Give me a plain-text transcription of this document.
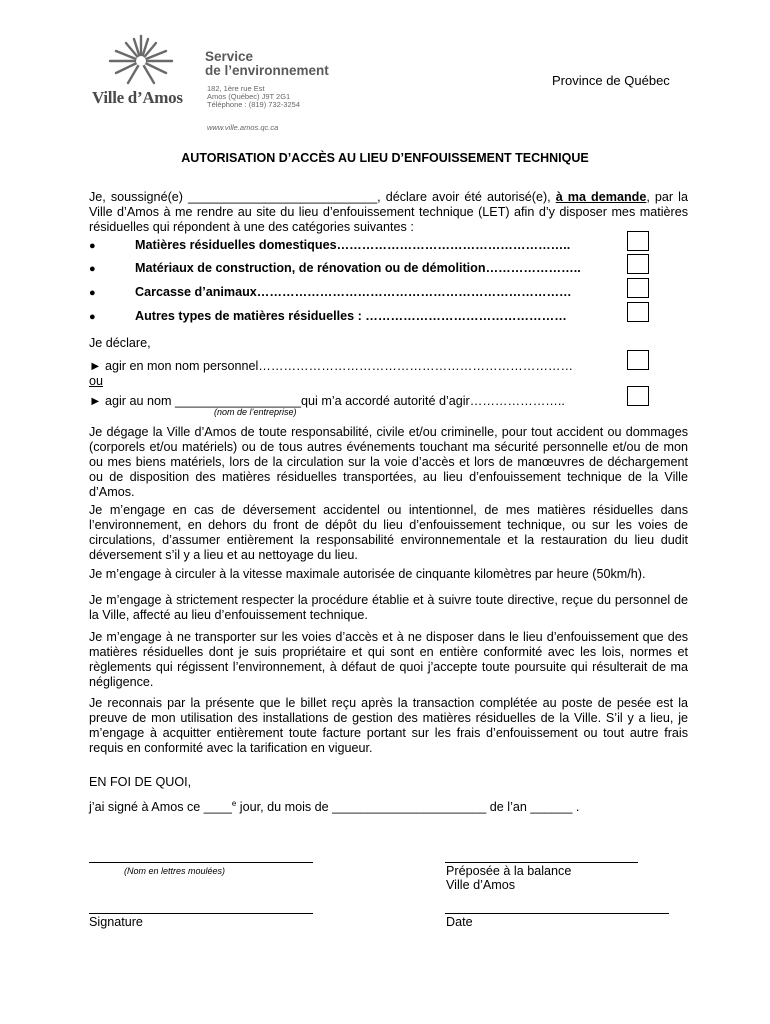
Ville d’Amos
Service
de l’environnement
182, 1ère rue Est
Amos (Québec) J9T 2G1
Téléphone : (819) 732-3254
www.ville.amos.qc.ca
Province de Québec
AUTORISATION D’ACCÈS AU LIEU D’ENFOUISSEMENT TECHNIQUE
Je, soussigné(e) ___________________________, déclare avoir été autorisé(e), à ma demande, par la Ville d’Amos à me rendre au site du lieu d’enfouissement technique (LET) afin d’y disposer mes matières résiduelles qui répondent à une des catégories suivantes :
●	Matières résiduelles domestiques………………………………………………..
●	Matériaux de construction, de rénovation ou de démolition…………………..
●	Carcasse d’animaux…………………………………………………………………
●	Autres types de matières résiduelles : …………………………………………
Je déclare,
► agir en mon nom personnel…………………………………………………………………
ou
► agir au nom __________________qui m’a accordé autorité d’agir…………………..
(nom de l’entreprise)
Je dégage la Ville d’Amos de toute responsabilité, civile et/ou criminelle, pour tout accident ou dommages (corporels et/ou matériels) ou de tous autres événements touchant ma sécurité personnelle et/ou de mon ou mes biens matériels, lors de la circulation sur la voie d’accès et lors de manœuvres de déchargement ou de disposition des matières résiduelles transportées, au lieu d’enfouissement technique de la Ville d’Amos.
Je m’engage en cas de déversement accidentel ou intentionnel, de mes matières résiduelles dans l’environnement, en dehors du front de dépôt du lieu d’enfouissement technique, ou sur les voies de circulations, d’assumer entièrement la responsabilité environnementale et la restauration du lieu dudit déversement s’il y a lieu et au nettoyage du lieu.
Je m’engage à circuler à la vitesse maximale autorisée de cinquante kilomètres par heure (50km/h).
Je m’engage à strictement respecter la procédure établie et à suivre toute directive, reçue du personnel de la Ville, affecté au lieu d’enfouissement technique.
Je m’engage à ne transporter sur les voies d’accès et à ne disposer dans le lieu d’enfouissement que des matières résiduelles dont je suis propriétaire et qui sont en entière conformité avec les lois, normes et règlements qui régissent l’environnement, à défaut de quoi j’accepte toute poursuite qui résulterait de ma négligence.
Je reconnais par la présente que le billet reçu après la transaction complétée au poste de pesée est la preuve de mon utilisation des installations de gestion des matières résiduelles de la Ville. S’il y a lieu, je m’engage à acquitter entièrement toute facture portant sur les frais d’enfouissement ou tout autre frais requis en conformité avec la tarification en vigueur.
EN FOI DE QUOI,
j’ai signé à Amos ce ____$^e$ jour, du mois de ______________________ de l’an ______ .
(Nom en lettres moulées)	Préposée à la balance
Ville d’Amos
Signature	Date
